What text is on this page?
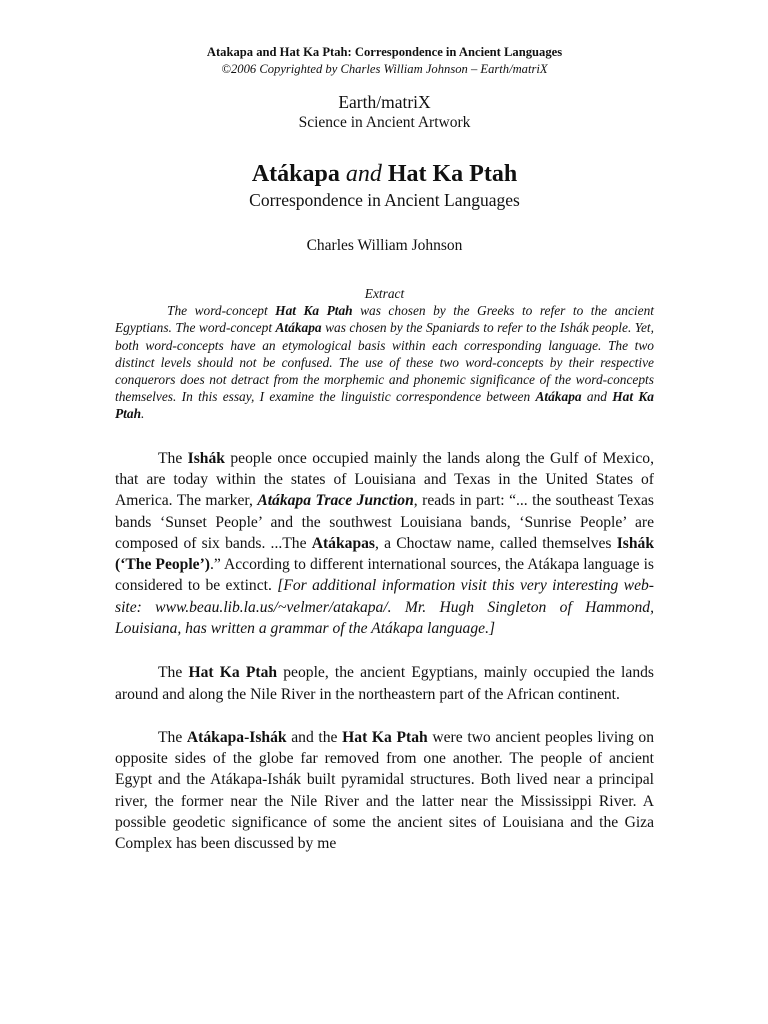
Atakapa and Hat Ka Ptah: Correspondence in Ancient Languages
©2006 Copyrighted by Charles William Johnson – Earth/matriX
Earth/matriX
Science in Ancient Artwork
Atákapa and Hat Ka Ptah
Correspondence in Ancient Languages
Charles William Johnson
Extract

The word-concept Hat Ka Ptah was chosen by the Greeks to refer to the ancient Egyptians. The word-concept Atákapa was chosen by the Spaniards to refer to the Ishák people. Yet, both word-concepts have an etymological basis within each corresponding language. The two distinct levels should not be confused. The use of these two word-concepts by their respective conquerors does not detract from the morphemic and phonemic significance of the word-concepts themselves. In this essay, I examine the linguistic correspondence between Atákapa and Hat Ka Ptah.

The Ishák people once occupied mainly the lands along the Gulf of Mexico, that are today within the states of Louisiana and Texas in the United States of America. The marker, Atákapa Trace Junction, reads in part: “... the southeast Texas bands ‘Sunset People’ and the southwest Louisiana bands, ‘Sunrise People’ are composed of six bands. ...The Atákapas, a Choctaw name, called themselves Ishák (‘The People’).” According to different international sources, the Atákapa language is considered to be extinct. [For additional information visit this very interesting web-site: www.beau.lib.la.us/~velmer/atakapa/. Mr. Hugh Singleton of Hammond, Louisiana, has written a grammar of the Atákapa language.]

The Hat Ka Ptah people, the ancient Egyptians, mainly occupied the lands around and along the Nile River in the northeastern part of the African continent.

The Atákapa-Ishák and the Hat Ka Ptah were two ancient peoples living on opposite sides of the globe far removed from one another. The people of ancient Egypt and the Atákapa-Ishák built pyramidal structures. Both lived near a principal river, the former near the Nile River and the latter near the Mississippi River. A possible geodetic significance of some the ancient sites of Louisiana and the Giza Complex has been discussed by me
